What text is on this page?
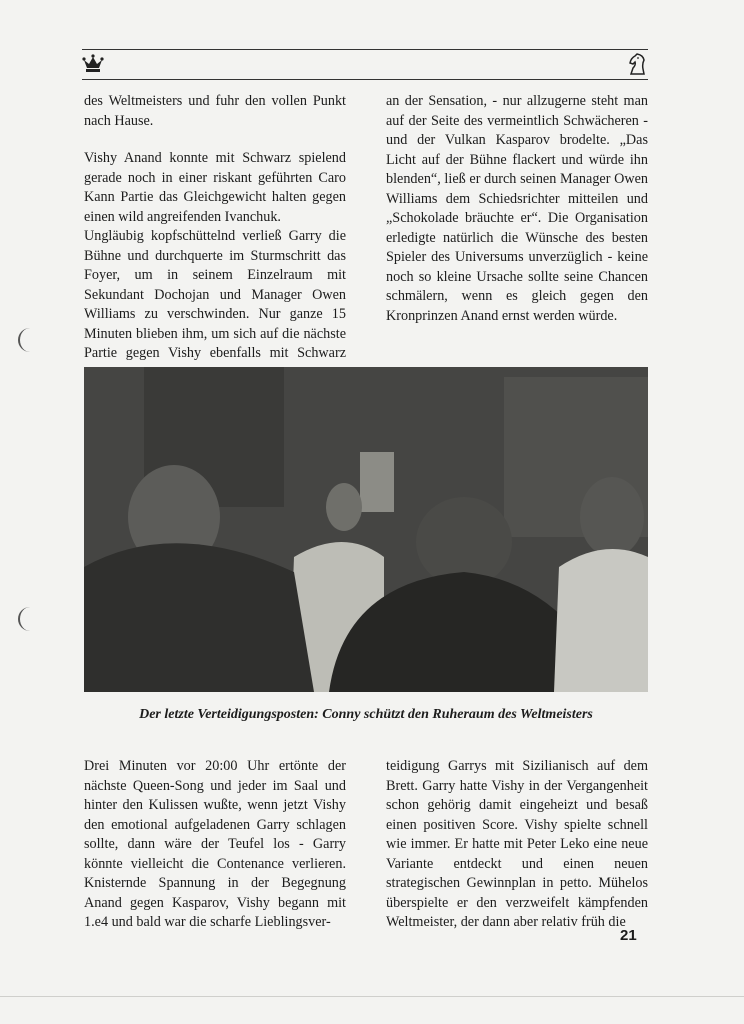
des Weltmeisters und fuhr den vollen Punkt nach Hause.

Vishy Anand konnte mit Schwarz spielend gerade noch in einer riskant geführten Caro Kann Partie das Gleichgewicht halten gegen einen wild angreifenden Ivanchuk.

Ungläubig kopfschüttelnd verließ Garry die Bühne und durchquerte im Sturmschritt das Foyer, um in seinem Einzelraum mit Sekundant Dochojan und Manager Owen Williams zu verschwinden. Nur ganze 15 Minuten blieben ihm, um sich auf die nächste Partie gegen Vishy ebenfalls mit Schwarz

an der Sensation, - nur allzugerne steht man auf der Seite des vermeintlich Schwächeren - und der Vulkan Kasparov brodelte. „Das Licht auf der Bühne flackert und würde ihn blenden“, ließ er durch seinen Manager Owen Williams dem Schiedsrichter mitteilen und „Schokolade bräuchte er“. Die Organisation erledigte natürlich die Wünsche des besten Spieler des Universums unverzüglich - keine noch so kleine Ursache sollte seine Chancen schmälern, wenn es gleich gegen den Kronprinzen Anand ernst werden würde.

Der letzte Verteidigungsposten: Conny schützt den Ruheraum des Weltmeisters

Drei Minuten vor 20:00 Uhr ertönte der nächste Queen-Song und jeder im Saal und hinter den Kulissen wußte, wenn jetzt Vishy den emotional aufgeladenen Garry schlagen sollte, dann wäre der Teufel los - Garry könnte vielleicht die Contenance verlieren. Knisternde Spannung in der Begegnung Anand gegen Kasparov, Vishy begann mit 1.e4 und bald war die scharfe Lieblingsver-

teidigung Garrys mit Sizilianisch auf dem Brett. Garry hatte Vishy in der Vergangenheit schon gehörig damit eingeheizt und besaß einen positiven Score. Vishy spielte schnell wie immer. Er hatte mit Peter Leko eine neue Variante entdeckt und einen neuen strategischen Gewinnplan in petto. Mühelos überspielte er den verzweifelt kämpfenden Weltmeister, der dann aber relativ früh die

21
